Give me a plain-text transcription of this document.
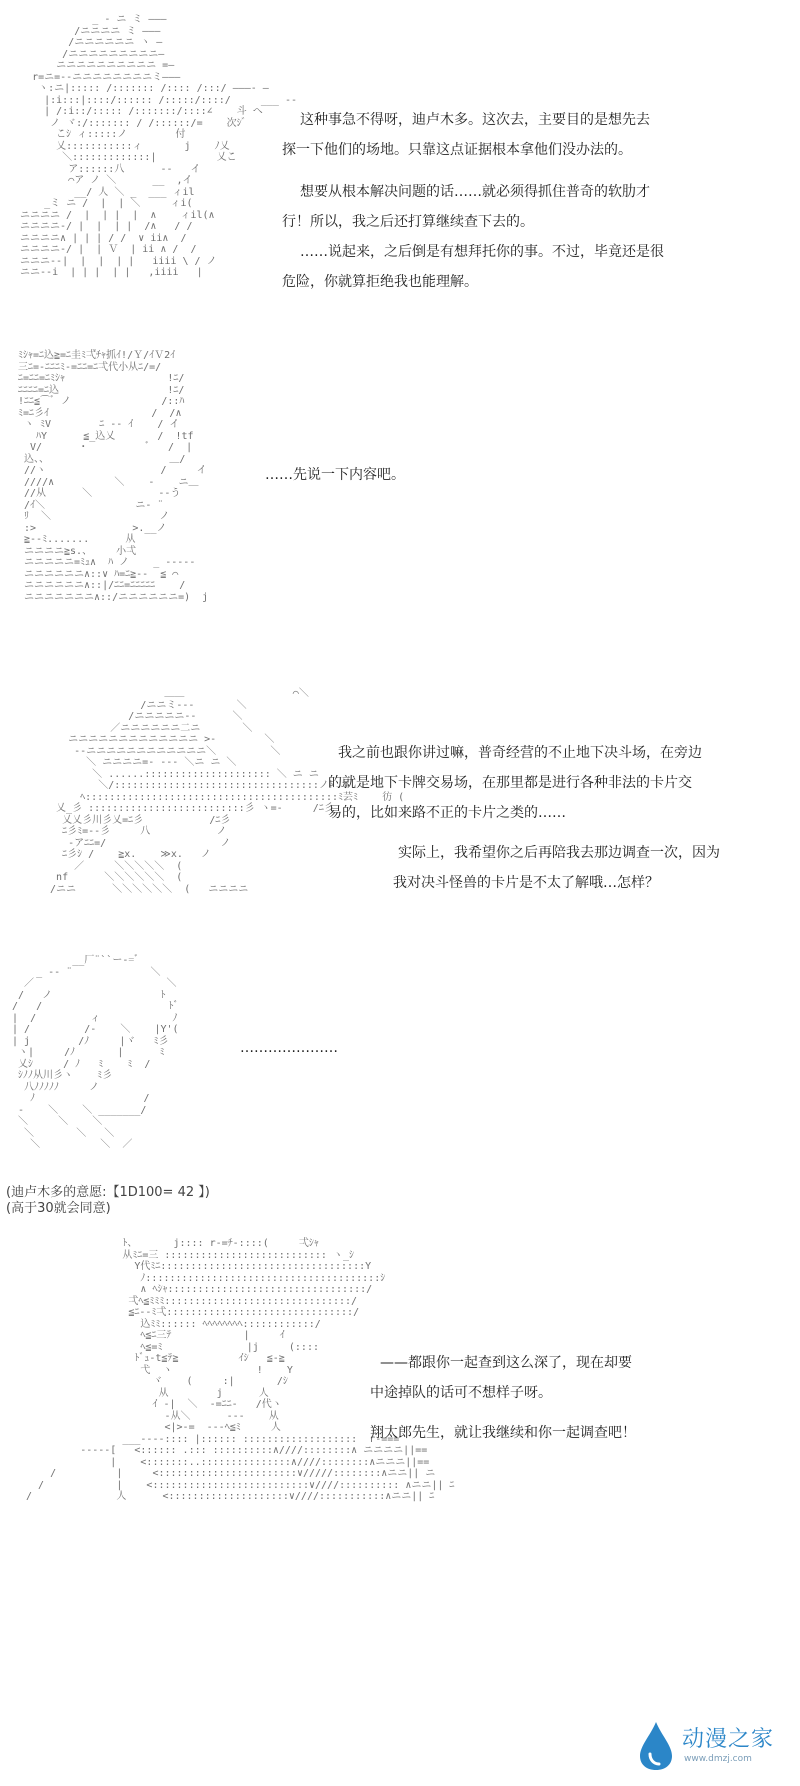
_ ‐ ニ ミ ―――
/ニニニニ ミ ―――
/ニニニニニニ ヽ ―
/ニニニニニニニニニ―
ニニニニニニニニニニ =―
r=ニ=-‐ニニニニニニニニミ―――
ヽ:ニ|::::: /::::::: /:::: /:::/ ―――‐ ―
|:i:::|::::/:::::: /:::::/::::/     ___ -‐
| /:i::/::::: /:::::::/::::∠    斗 へ
ノ ヾ:/::::::: / /::::::/=    次ｼ ゙
こｼ ィ:::::ノ        付
乂:::::::::::ィ       j    ﾉ乂
＼:::::::::::::|          乂こ
ア::::::八      -‐   イ
⌒ア ノ ＼      __  ,イ
__/ 人 ＼ _  ___ ィil
_ミ ニ /  |  | ＼     ィi(
ニニニニ /  |  | |  |  ∧    ィil(∧
ニニニニ-/ |  |  | |  /∧   / /
ニニニニ∧ | | | / /  ∨ ii∧  /
ニニニニ-/ |  | Ｖ  | ii ∧ /  /
ニニニ-‐|  |  |  | |   iiii \ / ノ
ニニ-‐i  | | |  | |   ,iiii   |
这种事急不得呀，迪卢木多。这次去，主要目的是想先去
探一下他们的场地。只靠这点证据根本拿他们没办法的。
想要从根本解决问题的话……就必须得抓住普奇的软肋才
行！所以，我之后还打算继续查下去的。
……说起来，之后倒是有想拜托你的事。不过，毕竟还是很
危险，你就算拒绝我也能理解。
ﾐｼｬ=ﾆ込≧=ﾆ圭ﾐ弌゙ﾁｬ抓ｲ!/Ｙ/ｲＶ2ｲ
三ﾆ=‐ﾆﾆﾆﾐ‐=ﾆﾆ=ﾆ弌代小从ﾆ/=/
ﾆ=ﾆﾆ=ﾆﾐｼｬ                 !ﾆ/
ﾆﾆﾆﾆ=ﾆ込                  !ﾆ/
!ﾆﾆ≦⌒ﾞ ノ               /::ﾊ
ﾐ=ﾆ彡ｲ                 /  /∧
ヽ ﾐV        ﾆ ‐‐ ｲ    / イ
ﾊY      ≦_込乂       /  !tf
V/      ・          ﾞ   /  |
込、、                    ＿/
//ヽ                   /     イ
////∧          ＼    ‐    ニ＿
//从      ＼           ‐‐う
/ｲ＼               ニ‐ ¨
ﾘ  ＼                  ノ
:>                >.__ノ
≧‐‐ﾐ.......      从
ニニニニ≧s.、    小弌
ニニニニニ=ﾐｭ∧  ﾊ ノ    _ ‐‐‐‐‐
ニニニニニニ∧::∨ ﾊ=ﾆ≧‐-  ≦ ⌒
ニニニニニニ∧::|/ﾆﾆ=ﾆﾆﾆﾆﾆ    /
ニニニニニニニ∧::/ニニニニニニ=)  j
……先说一下内容吧。
＿＿                  ⌒＼
/ニニミ‐-‐       ＼
/ニニニニニ--      ＼
／ニニニニニニ二ニ       ＼
ニニニニニニニニニニニニニ >-        ＼
‐‐ニニニニニニニニニニニニ＼         ＼
＼ ニニニニ=‐ ‐‐‐ ＼ニ ニ ＼
＼ ......::::::::::::::::::::: ＼ ニ ニ
＼/::::::::::::::::::::::::::::::::::ノﾄ ニ
ﾍ::::::::::::::::::::::::::::::::::::::::::ﾐ芸ﾐ    彷 (
乂_彡 ::::::::::::::::::::::::::彡 ヽ=‐     /ﾆ彡
乂乂彡川彡乂=ﾆ彡           /ﾆ彡
ﾆ彡ﾐ=‐‐彡     八           ノ
‐アﾆﾆ=/                   ノ
ﾆ彡ｼ /    ≧x.    ≫x.   ノ
／     ＼＼＼＼＼  (
nf      ＼＼＼＼＼＼  (
/ニニ      ＼＼＼＼＼＼  (   ニニニニ
我之前也跟你讲过嘛，普奇经营的不止地下决斗场，在旁边
的就是地下卡牌交易场，在那里都是进行各种非法的卡片交
易的，比如来路不正的卡片之类的……
实际上，我希望你之后再陪我去那边调查一次，因为
我对决斗怪兽的卡片是不太了解哦…怎样？
__厂¨``ー‐=ﾞ
_ ‐‐ ¨             ＼
／                      ＼
/   ノ                  ﾄ
/   /                     ﾄﾞ
|  /         ィ            ﾉ
| /         /‐    ＼    |Y'(
| j        /ﾉ     |ヾ   ﾐ彡
ヽ|     /ﾉ       |      ﾐ
乂ｼ     / ﾉ   ﾐ    ﾐ  /
ｼﾉﾉ从川彡ヽ    ﾐ彡
八ﾉﾉﾉﾉﾉ     ノ
ﾉ                  /
‐    ＼    ＼ _______/
＼     ＼    ＼
＼       ＼   ＼
＼          ＼  ／
…………………
(迪卢木多的意愿:【1D100= 42 】)
(高于30就会同意)
ﾄ、      j:::: r‐=ﾁ‐::::(     弌ｼｬ
从ﾐﾆ=三 ::::::::::::::::::::::::::: ヽ_ｼ
Y代ﾐﾆ::::::::::::::::::::::::::::::::::Y
ﾉ:::::::::::::::::::::::::::::::::::::::ｼ
∧ ﾍｼｬ:::::::::::::::::::::::::::::::::/
弌ﾍ≦ﾐﾐﾐ:::::::::::::::::::::::::::::::/
≦ﾆ‐‐ﾐ弌:::::::::::::::::::::::::::::::/
込ﾐﾐ:::::: ﾍﾍﾍﾍﾍﾍﾍﾍ::::::::::::/
ﾍ≦ﾆ三ﾃ            |     ｲ
ﾍ≦=ﾐ              |j     (::::
ﾄﾞｭ‐t≦ﾃ≧          ｲｼ   ≦‐≧
弋  ヽ              !    Y
ヾ    (     :|       /ｼ
从        j      人
ｲ ‐|  ＼  ‐=ﾆﾆ‐   /代ヽ
‐从＼      ‐‐‐    从
<|>‐=  ‐‐‐ﾍ≦ﾐ     人
___‐‐‐‐:::: |:::::: :::::::::::::::::::  r‐===
‐‐‐‐‐[   <:::::: .::: ::::::::::∧////::::::::∧ ニニニニ||==
|    <:::::::..:::::::::::::::∧////::::::::∧ニニニ||==
/          |     <:::::::::::::::::::::::∨/////::::::::∧ニニ|| ニ
/            |    <::::::::::::::::::::::::::∨////:::::::::: ∧ニニ|| ﾆ
/              人      <::::::::::::::::::::∨////:::::::::::∧ニニ|| ﾆ
——都跟你一起查到这么深了，现在却要
中途掉队的话可不想样子呀。
翔太郎先生，就让我继续和你一起调查吧！
动漫之家
www.dmzj.com
